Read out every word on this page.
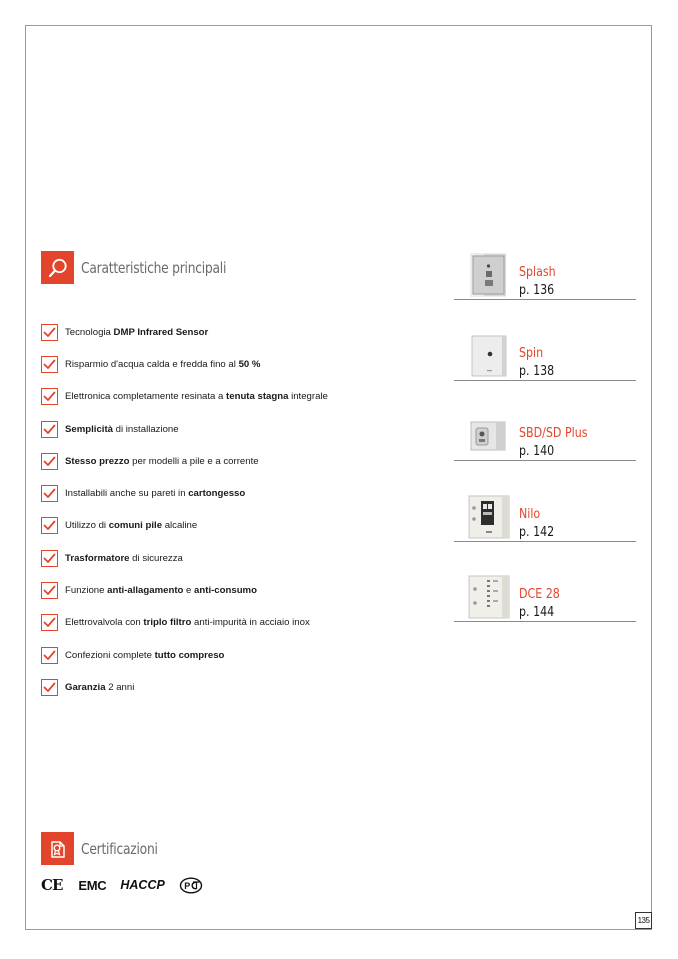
Caratteristiche principali
Tecnologia DMP Infrared Sensor
Risparmio d'acqua calda e fredda fino al 50 %
Elettronica completamente resinata a tenuta stagna integrale
Semplicità di installazione
Stesso prezzo per modelli a pile e a corrente
Installabili anche su pareti in cartongesso
Utilizzo di comuni pile alcaline
Trasformatore di sicurezza
Funzione anti-allagamento e anti-consumo
Elettrovalvola con triplo filtro anti-impurità in acciaio inox
Confezioni complete tutto compreso
Garanzia 2 anni
Splash
p. 136
Spin
p. 138
SBD/SD Plus
p. 140
Nilo
p. 142
DCE 28
p. 144
Certificazioni
CE EMC HACCP P
135
